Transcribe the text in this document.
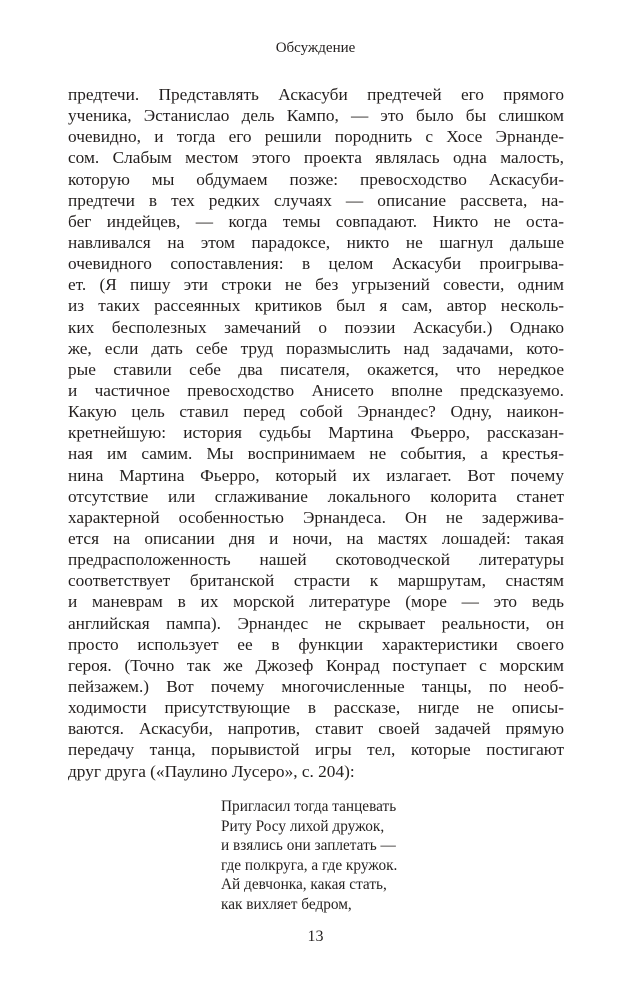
Обсуждение
предтечи. Представлять Аскасуби предтечей его прямого
ученика, Эстанислао дель Кампо, — это было бы слишком
очевидно, и тогда его решили породнить с Хосе Эрнанде-
сом. Слабым местом этого проекта являлась одна малость,
которую мы обдумаем позже: превосходство Аскасуби-
предтечи в тех редких случаях — описание рассвета, на-
бег индейцев, — когда темы совпадают. Никто не оста-
навливался на этом парадоксе, никто не шагнул дальше
очевидного сопоставления: в целом Аскасуби проигрыва-
ет. (Я пишу эти строки не без угрызений совести, одним
из таких рассеянных критиков был я сам, автор несколь-
ких бесполезных замечаний о поэзии Аскасуби.) Однако
же, если дать себе труд поразмыслить над задачами, кото-
рые ставили себе два писателя, окажется, что нередкое
и частичное превосходство Анисето вполне предсказуемо.
Какую цель ставил перед собой Эрнандес? Одну, наикон-
кретнейшую: история судьбы Мартина Фьерро, рассказан-
ная им самим. Мы воспринимаем не события, а крестья-
нина Мартина Фьерро, который их излагает. Вот почему
отсутствие или сглаживание локального колорита станет
характерной особенностью Эрнандеса. Он не задержива-
ется на описании дня и ночи, на мастях лошадей: такая
предрасположенность нашей скотоводческой литературы
соответствует британской страсти к маршрутам, снастям
и маневрам в их морской литературе (море — это ведь
английская пампа). Эрнандес не скрывает реальности, он
просто использует ее в функции характеристики своего
героя. (Точно так же Джозеф Конрад поступает с морским
пейзажем.) Вот почему многочисленные танцы, по необ-
ходимости присутствующие в рассказе, нигде не описы-
ваются. Аскасуби, напротив, ставит своей задачей прямую
передачу танца, порывистой игры тел, которые постигают
друг друга («Паулино Лусеро», с. 204):
Пригласил тогда танцевать
Риту Росу лихой дружок,
и взялись они заплетать —
где полкруга, а где кружок.
Ай девчонка, какая стать,
как вихляет бедром,
13
